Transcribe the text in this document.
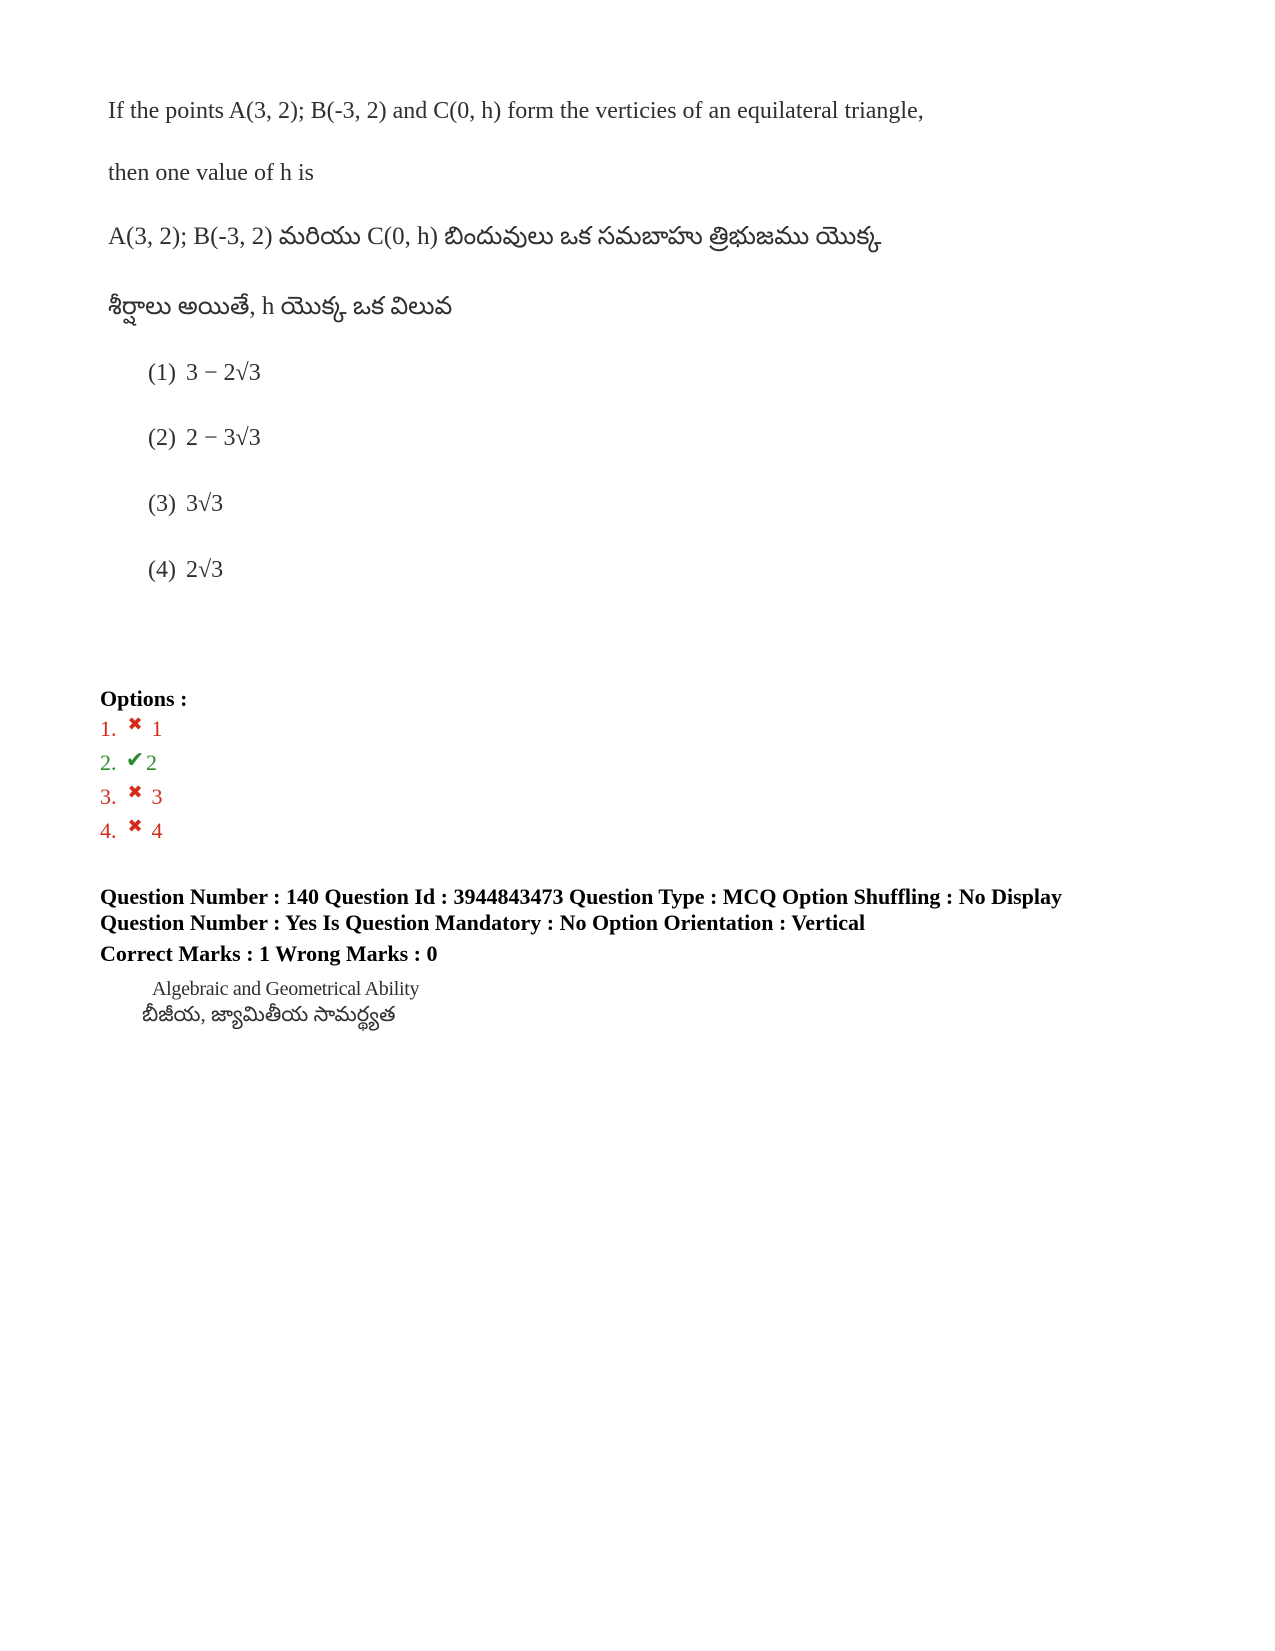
If the points A(3, 2); B(-3, 2) and C(0, h) form the verticies of an equilateral triangle,

then one value of h is

A(3, 2); B(-3, 2) మరియు C(0, h) బిందువులు ఒక సమబాహు త్రిభుజము యొక్క

శీర్షాలు అయితే, h యొక్క ఒక విలువ

(1) 3 − 2√3
(2) 2 − 3√3
(3) 3√3
(4) 2√3

Options :

1. ✖ 1
2. ✔2
3. ✖ 3
4. ✖ 4
Question Number : 140 Question Id : 3944843473 Question Type : MCQ Option Shuffling : No Display
Question Number : Yes Is Question Mandatory : No Option Orientation : Vertical
Correct Marks : 1 Wrong Marks : 0
Algebraic and Geometrical Ability
బీజీయ, జ్యామితీయ సామర్థ్యత
